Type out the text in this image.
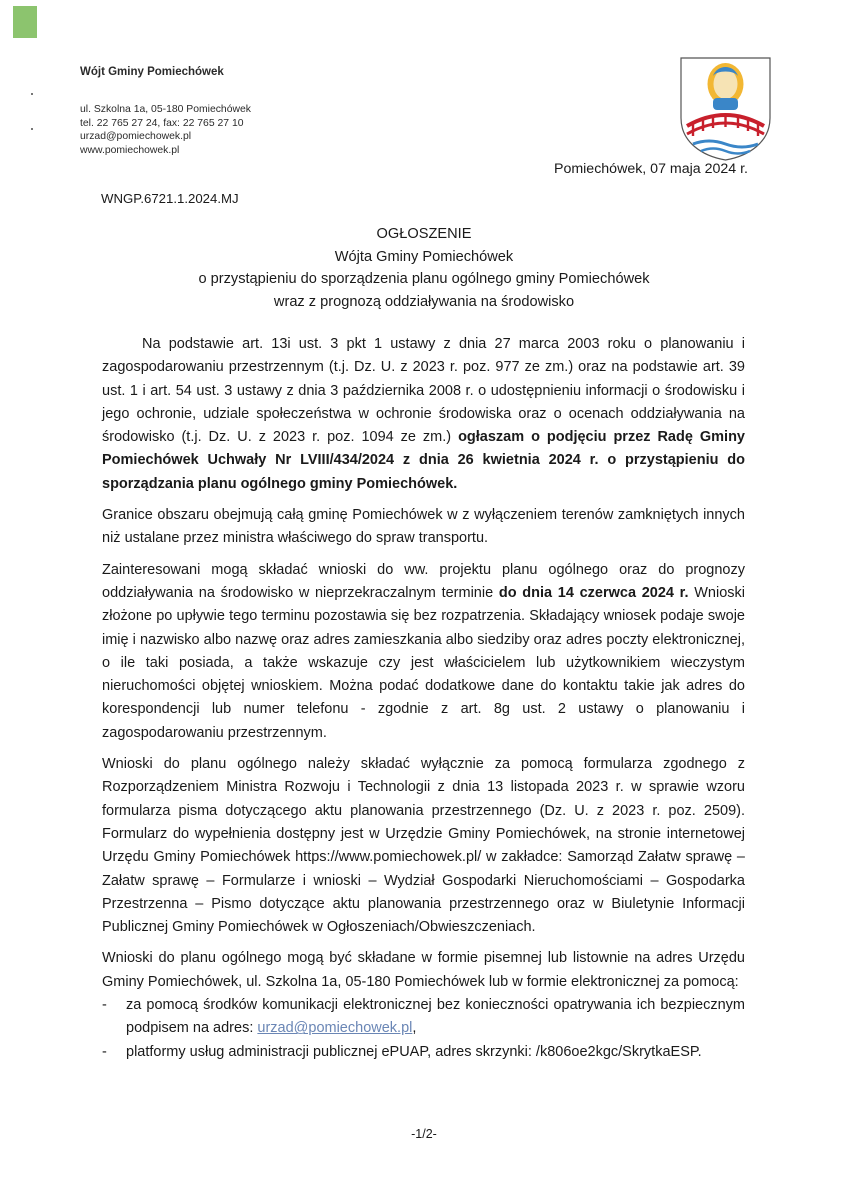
Wójt Gminy Pomiechówek
ul. Szkolna 1a, 05-180 Pomiechówek
tel. 22 765 27 24, fax: 22 765 27 10
urzad@pomiechowek.pl
www.pomiechowek.pl
Pomiechówek, 07 maja 2024 r.
WNGP.6721.1.2024.MJ
OGŁOSZENIE
Wójta Gminy Pomiechówek
o przystąpieniu do sporządzenia planu ogólnego gminy Pomiechówek
wraz z prognozą oddziaływania na środowisko

Na podstawie art. 13i ust. 3 pkt 1 ustawy z dnia 27 marca 2003 roku o planowaniu i zagospodarowaniu przestrzennym (t.j. Dz. U. z 2023 r. poz. 977 ze zm.) oraz na podstawie art. 39 ust. 1 i art. 54 ust. 3 ustawy z dnia 3 października 2008 r. o udostępnieniu informacji o środowisku i jego ochronie, udziale społeczeństwa w ochronie środowiska oraz o ocenach oddziaływania na środowisko (t.j. Dz. U. z 2023 r. poz. 1094 ze zm.) ogłaszam o podjęciu przez Radę Gminy Pomiechówek Uchwały Nr LVIII/434/2024 z dnia 26 kwietnia 2024 r. o przystąpieniu do sporządzania planu ogólnego gminy Pomiechówek.

Granice obszaru obejmują całą gminę Pomiechówek w z wyłączeniem terenów zamkniętych innych niż ustalane przez ministra właściwego do spraw transportu.

Zainteresowani mogą składać wnioski do ww. projektu planu ogólnego oraz do prognozy oddziaływania na środowisko w nieprzekraczalnym terminie do dnia 14 czerwca 2024 r. Wnioski złożone po upływie tego terminu pozostawia się bez rozpatrzenia. Składający wniosek podaje swoje imię i nazwisko albo nazwę oraz adres zamieszkania albo siedziby oraz adres poczty elektronicznej, o ile taki posiada, a także wskazuje czy jest właścicielem lub użytkownikiem wieczystym nieruchomości objętej wnioskiem. Można podać dodatkowe dane do kontaktu takie jak adres do korespondencji lub numer telefonu - zgodnie z art. 8g ust. 2 ustawy o planowaniu i zagospodarowaniu przestrzennym.

Wnioski do planu ogólnego należy składać wyłącznie za pomocą formularza zgodnego z Rozporządzeniem Ministra Rozwoju i Technologii z dnia 13 listopada 2023 r. w sprawie wzoru formularza pisma dotyczącego aktu planowania przestrzennego (Dz. U. z 2023 r. poz. 2509). Formularz do wypełnienia dostępny jest w Urzędzie Gminy Pomiechówek, na stronie internetowej Urzędu Gminy Pomiechówek https://www.pomiechowek.pl/ w zakładce: Samorząd Załatw sprawę – Załatw sprawę – Formularze i wnioski – Wydział Gospodarki Nieruchomościami – Gospodarka Przestrzenna – Pismo dotyczące aktu planowania przestrzennego oraz w Biuletynie Informacji Publicznej Gminy Pomiechówek w Ogłoszeniach/Obwieszczeniach.

Wnioski do planu ogólnego mogą być składane w formie pisemnej lub listownie na adres Urzędu Gminy Pomiechówek, ul. Szkolna 1a, 05-180 Pomiechówek lub w formie elektronicznej za pomocą:

- za pomocą środków komunikacji elektronicznej bez konieczności opatrywania ich bezpiecznym podpisem na adres: urzad@pomiechowek.pl,
- platformy usług administracji publicznej ePUAP, adres skrzynki: /k806oe2kgc/SkrytkaESP.
-1/2-
